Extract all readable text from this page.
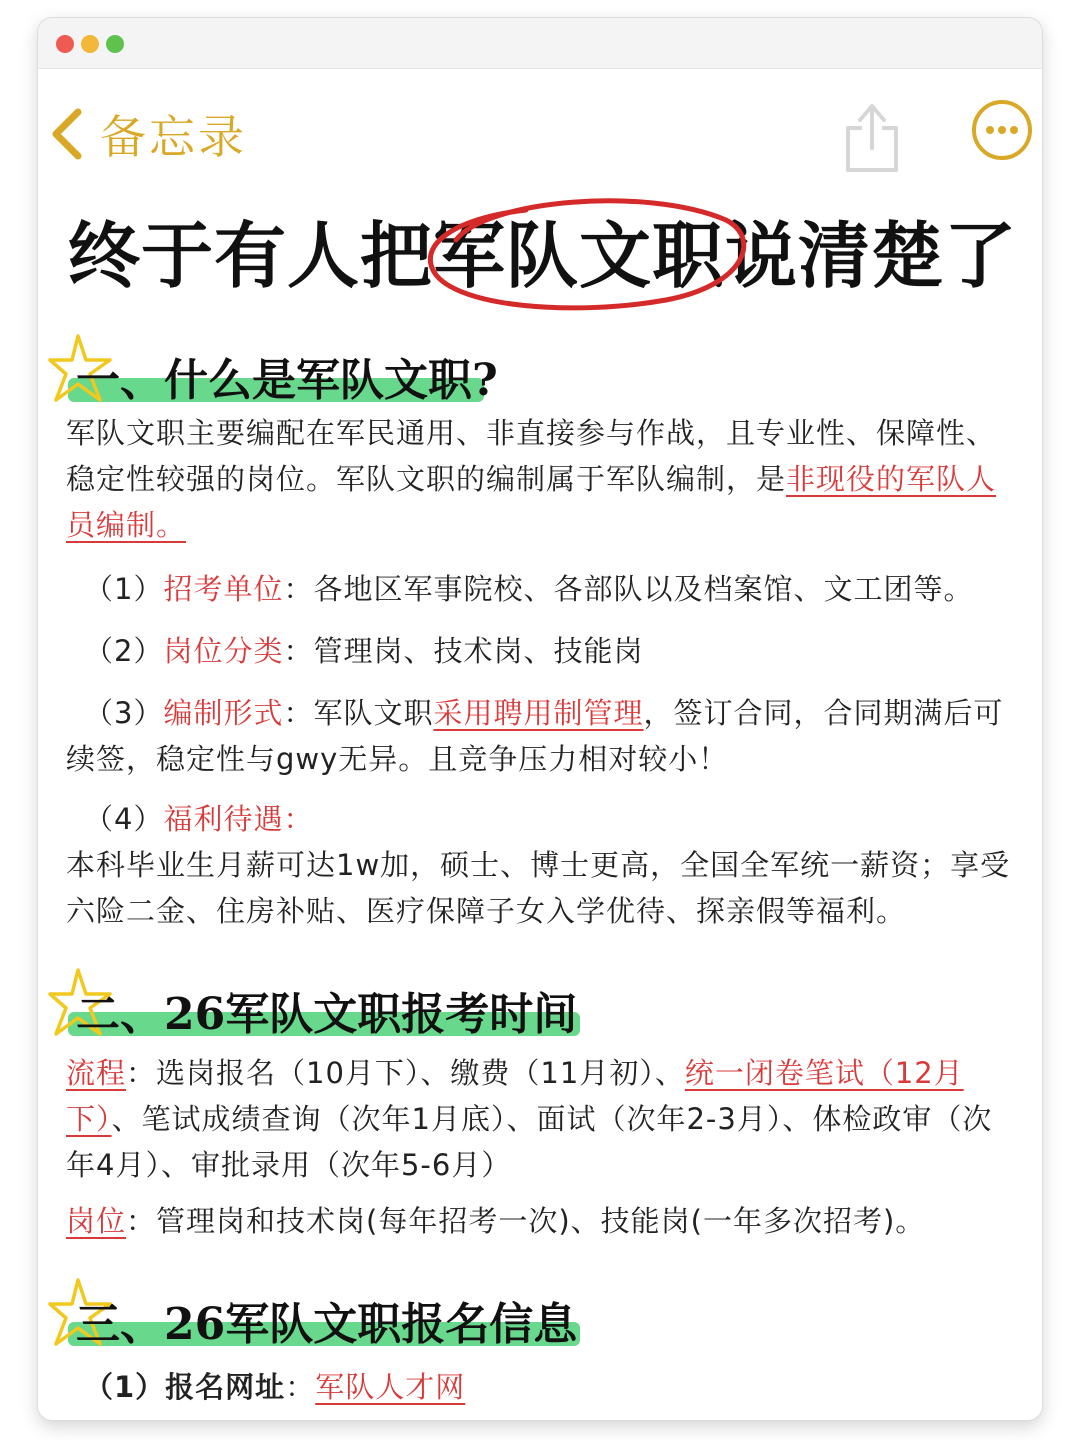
备忘录
终于有人把军队文职说清楚了
一、什么是军队文职?

军队文职主要编配在军民通用、非直接参与作战，且专业性、保障性、稳定性较强的岗位。军队文职的编制属于军队编制，是非现役的军队人员编制。

（1）招考单位：各地区军事院校、各部队以及档案馆、文工团等。

（2）岗位分类：管理岗、技术岗、技能岗

（3）编制形式：军队文职采用聘用制管理，签订合同，合同期满后可续签，稳定性与gwy无异。且竞争压力相对较小！

（4）福利待遇：

本科毕业生月薪可达1w加，硕士、博士更高，全国全军统一薪资；享受六险二金、住房补贴、医疗保障子女入学优待、探亲假等福利。

二、26军队文职报考时间

流程：选岗报名（10月下）、缴费（11月初）、统一闭卷笔试（12月下）、笔试成绩查询（次年1月底）、面试（次年2-3月）、体检政审（次年4月）、审批录用（次年5-6月）

岗位：管理岗和技术岗(每年招考一次)、技能岗(一年多次招考)。

三、26军队文职报名信息

（1）报名网址：军队人才网
